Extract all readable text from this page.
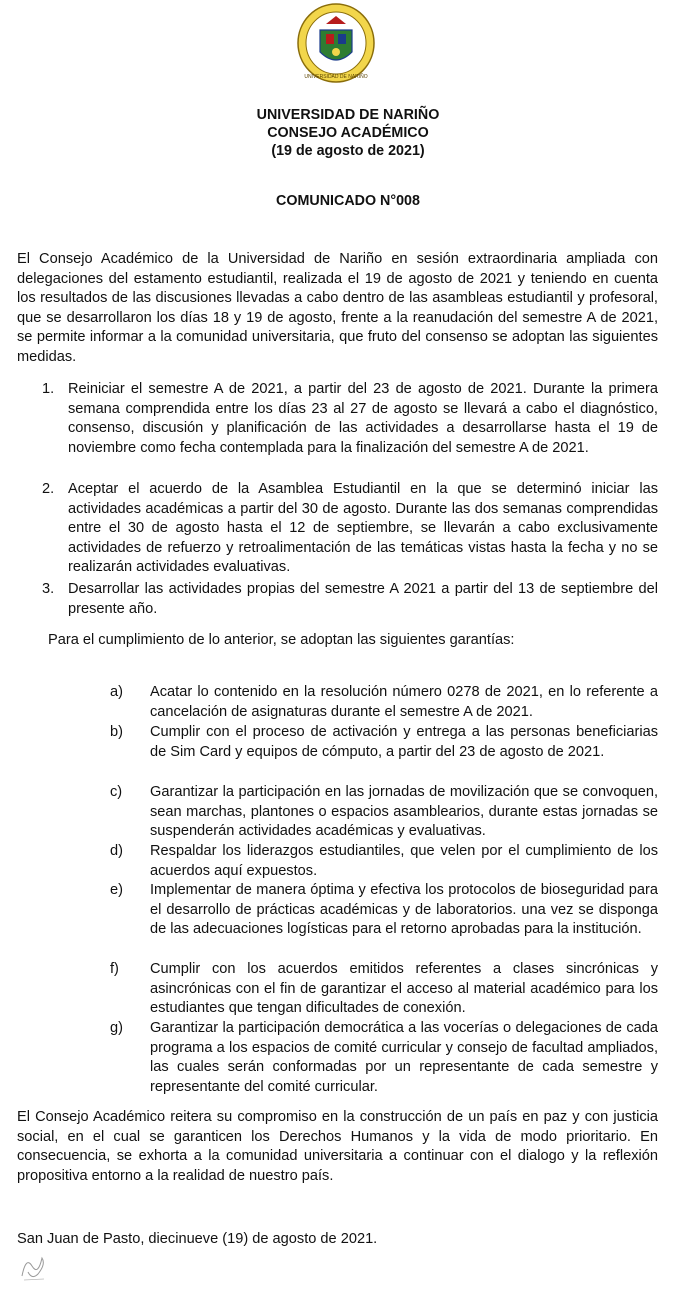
UNIVERSIDAD DE NARIÑO
UNIVERSIDAD DE NARIÑO
CONSEJO ACADÉMICO
(19 de agosto de 2021)
COMUNICADO N°008

El Consejo Académico de la Universidad de Nariño en sesión extraordinaria ampliada con delegaciones del estamento estudiantil, realizada el 19 de agosto de 2021 y teniendo en cuenta los resultados de las discusiones llevadas a cabo dentro de las asambleas estudiantil y profesoral, que se desarrollaron los días 18 y 19 de agosto, frente a la reanudación del semestre A de 2021, se permite informar a la comunidad universitaria, que fruto del consenso se adoptan las siguientes medidas.

1. Reiniciar el semestre A de 2021, a partir del 23 de agosto de 2021. Durante la primera semana comprendida entre los días 23 al 27 de agosto se llevará a cabo el diagnóstico, consenso, discusión y planificación de las actividades a desarrollarse hasta el 19 de noviembre como fecha contemplada para la finalización del semestre A de 2021.
2. Aceptar el acuerdo de la Asamblea Estudiantil en la que se determinó iniciar las actividades académicas a partir del 30 de agosto. Durante las dos semanas comprendidas entre el 30 de agosto hasta el 12 de septiembre, se llevarán a cabo exclusivamente actividades de refuerzo y retroalimentación de las temáticas vistas hasta la fecha y no se realizarán actividades evaluativas.
3. Desarrollar las actividades propias del semestre A 2021 a partir del 13 de septiembre del presente año.

Para el cumplimiento de lo anterior, se adoptan las siguientes garantías:

a) Acatar lo contenido en la resolución número 0278 de 2021, en lo referente a cancelación de asignaturas durante el semestre A de 2021.
b) Cumplir con el proceso de activación y entrega a las personas beneficiarias de Sim Card y equipos de cómputo, a partir del 23 de agosto de 2021.
c) Garantizar la participación en las jornadas de movilización que se convoquen, sean marchas, plantones o espacios asamblearios, durante estas jornadas se suspenderán actividades académicas y evaluativas.
d) Respaldar los liderazgos estudiantiles, que velen por el cumplimiento de los acuerdos aquí expuestos.
e) Implementar de manera óptima y efectiva los protocolos de bioseguridad para el desarrollo de prácticas académicas y de laboratorios. una vez se disponga de las adecuaciones logísticas para el retorno aprobadas para la institución.
f) Cumplir con los acuerdos emitidos referentes a clases sincrónicas y asincrónicas con el fin de garantizar el acceso al material académico para los estudiantes que tengan dificultades de conexión.
g) Garantizar la participación democrática a las vocerías o delegaciones de cada programa a los espacios de comité curricular y consejo de facultad ampliados, las cuales serán conformadas por un representante de cada semestre y representante del comité curricular.

El Consejo Académico reitera su compromiso en la construcción de un país en paz y con justicia social, en el cual se garanticen los Derechos Humanos y la vida de modo prioritario. En consecuencia, se exhorta a la comunidad universitaria a continuar con el dialogo y la reflexión propositiva entorno a la realidad de nuestro país.

San Juan de Pasto, diecinueve (19) de agosto de 2021.
